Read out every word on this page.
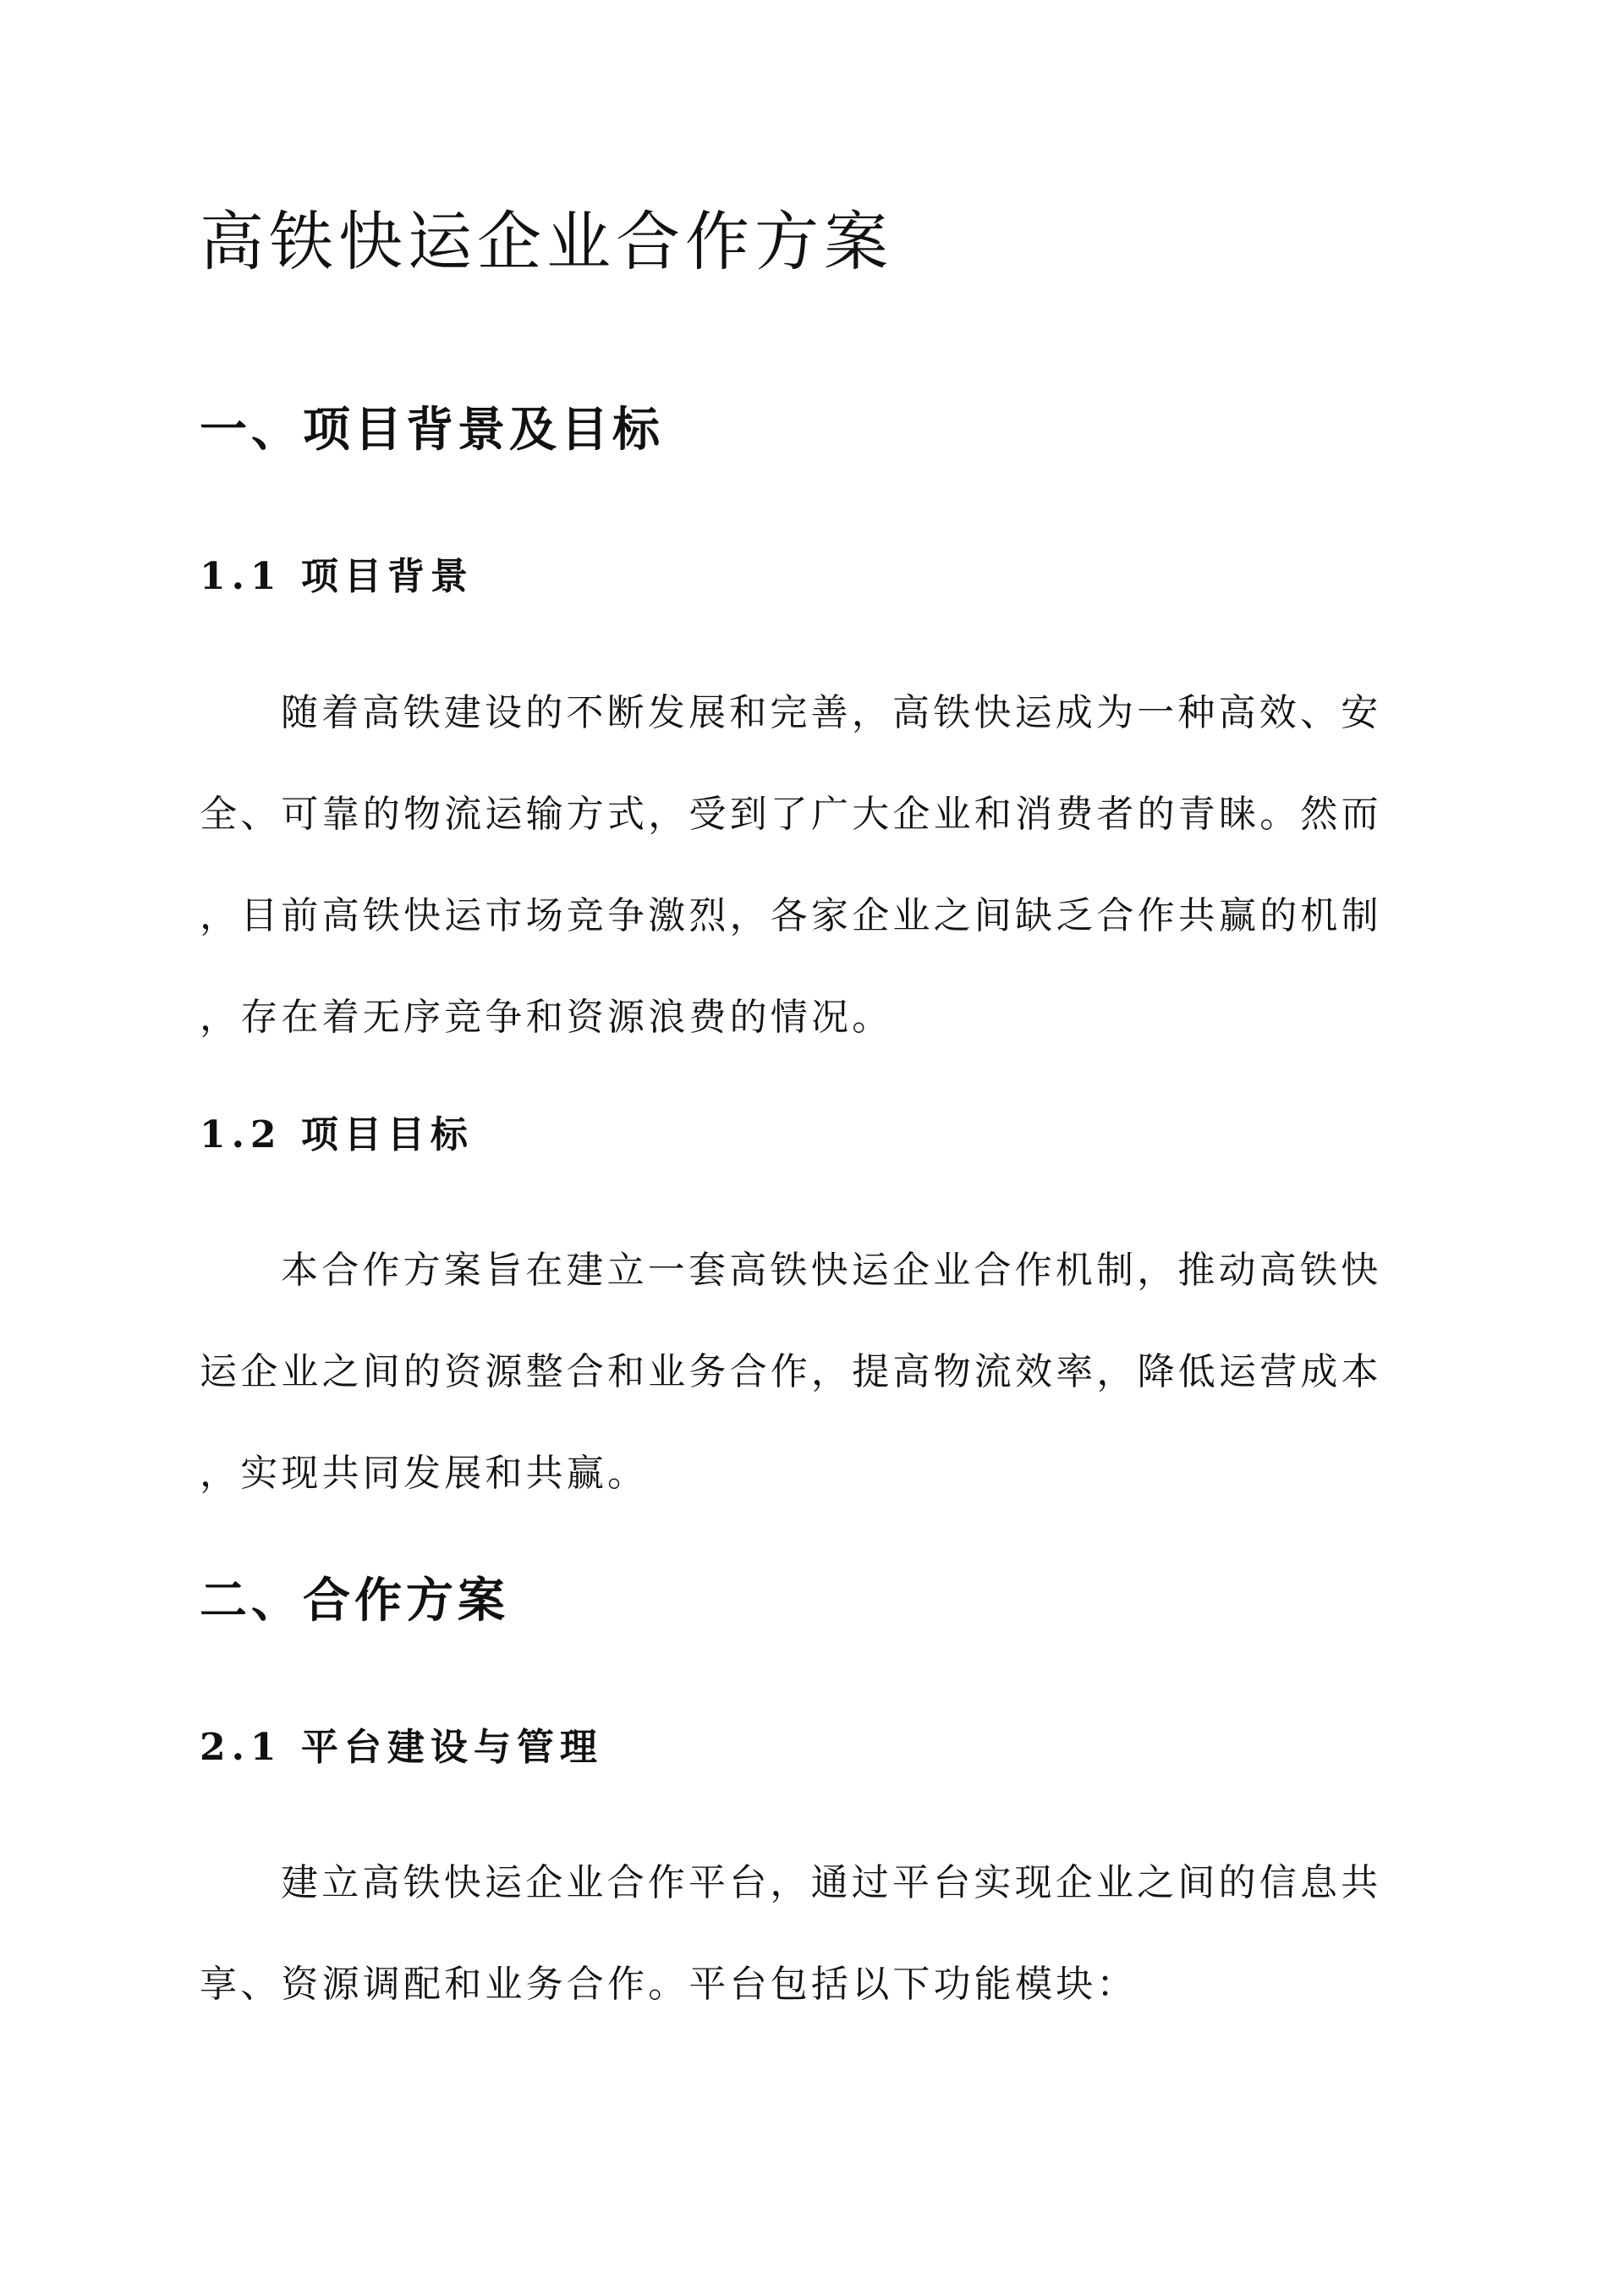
高铁快运企业合作方案
一、项目背景及目标
1.1 项目背景
随着高铁建设的不断发展和完善，高铁快运成为一种高效、安
全、可靠的物流运输方式，受到了广大企业和消费者的青睐。然而
，目前高铁快运市场竞争激烈，各家企业之间缺乏合作共赢的机制
，存在着无序竞争和资源浪费的情况。
1.2 项目目标
本合作方案旨在建立一套高铁快运企业合作机制，推动高铁快
运企业之间的资源整合和业务合作，提高物流效率，降低运营成本
，实现共同发展和共赢。
二、合作方案
2.1 平台建设与管理
建立高铁快运企业合作平台，通过平台实现企业之间的信息共
享、资源调配和业务合作。平台包括以下功能模块：
